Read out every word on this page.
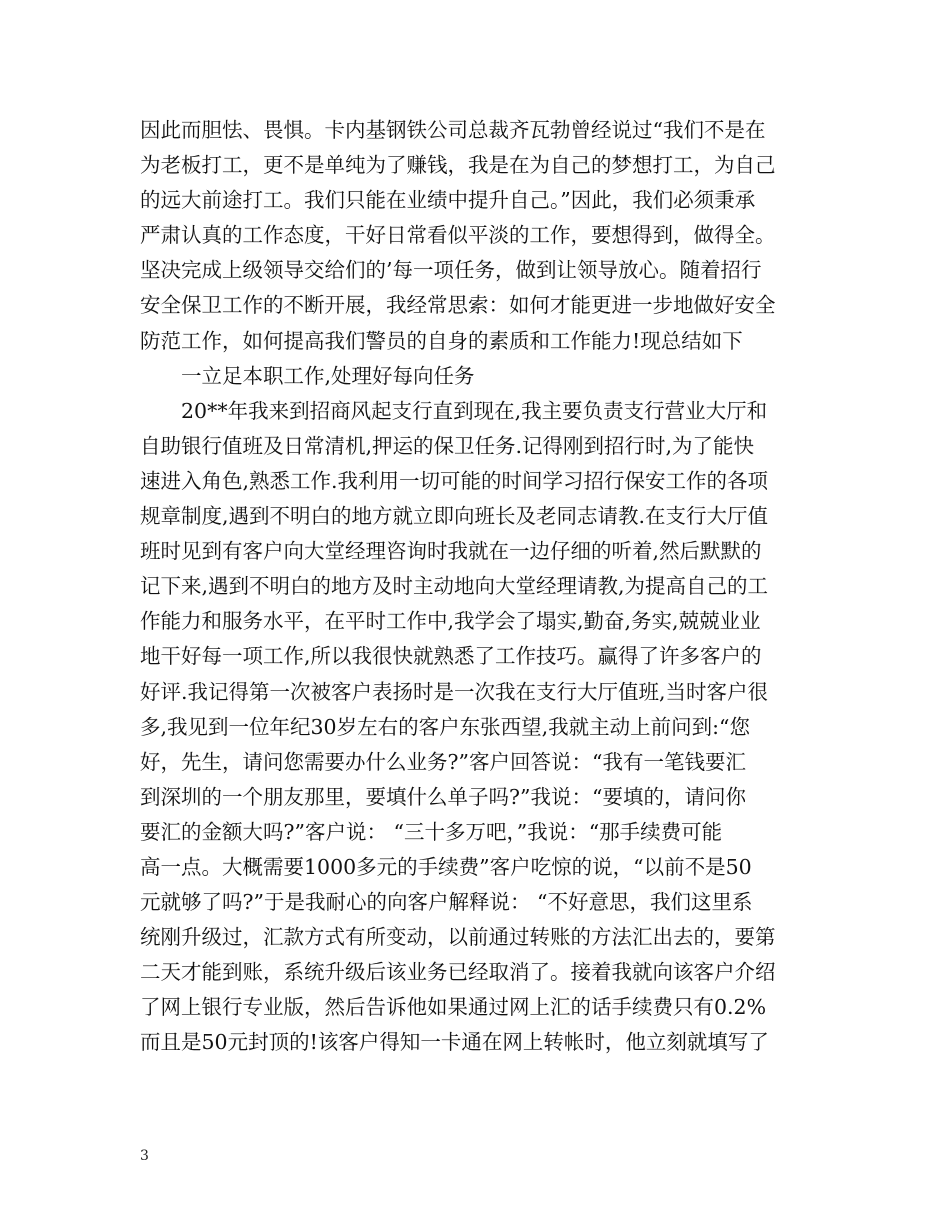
因此而胆怯、畏惧。卡内基钢铁公司总裁齐瓦勃曾经说过“我们不是在
为老板打工，更不是单纯为了赚钱，我是在为自己的梦想打工，为自己
的远大前途打工。我们只能在业绩中提升自己。”因此，我们必须秉承
严肃认真的工作态度，干好日常看似平淡的工作，要想得到，做得全。
坚决完成上级领导交给们的’每一项任务，做到让领导放心。随着招行
安全保卫工作的不断开展，我经常思索：如何才能更进一步地做好安全
防范工作，如何提高我们警员的自身的素质和工作能力!现总结如下
一立足本职工作,处理好每向任务
20**年我来到招商风起支行直到现在,我主要负责支行营业大厅和
自助银行值班及日常清机,押运的保卫任务.记得刚到招行时,为了能快
速进入角色,熟悉工作.我利用一切可能的时间学习招行保安工作的各项
规章制度,遇到不明白的地方就立即向班长及老同志请教.在支行大厅值
班时见到有客户向大堂经理咨询时我就在一边仔细的听着,然后默默的
记下来,遇到不明白的地方及时主动地向大堂经理请教,为提高自己的工
作能力和服务水平，在平时工作中,我学会了塌实,勤奋,务实,兢兢业业
地干好每一项工作,所以我很快就熟悉了工作技巧。赢得了许多客户的
好评.我记得第一次被客户表扬时是一次我在支行大厅值班,当时客户很
多,我见到一位年纪30岁左右的客户东张西望,我就主动上前问到:“您
好，先生，请问您需要办什么业务?”客户回答说：“我有一笔钱要汇
到深圳的一个朋友那里，要填什么单子吗?”我说：“要填的，请问你
要汇的金额大吗?”客户说： “三十多万吧，”我说：“那手续费可能
高一点。大概需要1000多元的手续费”客户吃惊的说，“以前不是50
元就够了吗?”于是我耐心的向客户解释说： “不好意思，我们这里系
统刚升级过，汇款方式有所变动，以前通过转账的方法汇出去的，要第
二天才能到账，系统升级后该业务已经取消了。接着我就向该客户介绍
了网上银行专业版，然后告诉他如果通过网上汇的话手续费只有0.2%
而且是50元封顶的!该客户得知一卡通在网上转帐时，他立刻就填写了
3
